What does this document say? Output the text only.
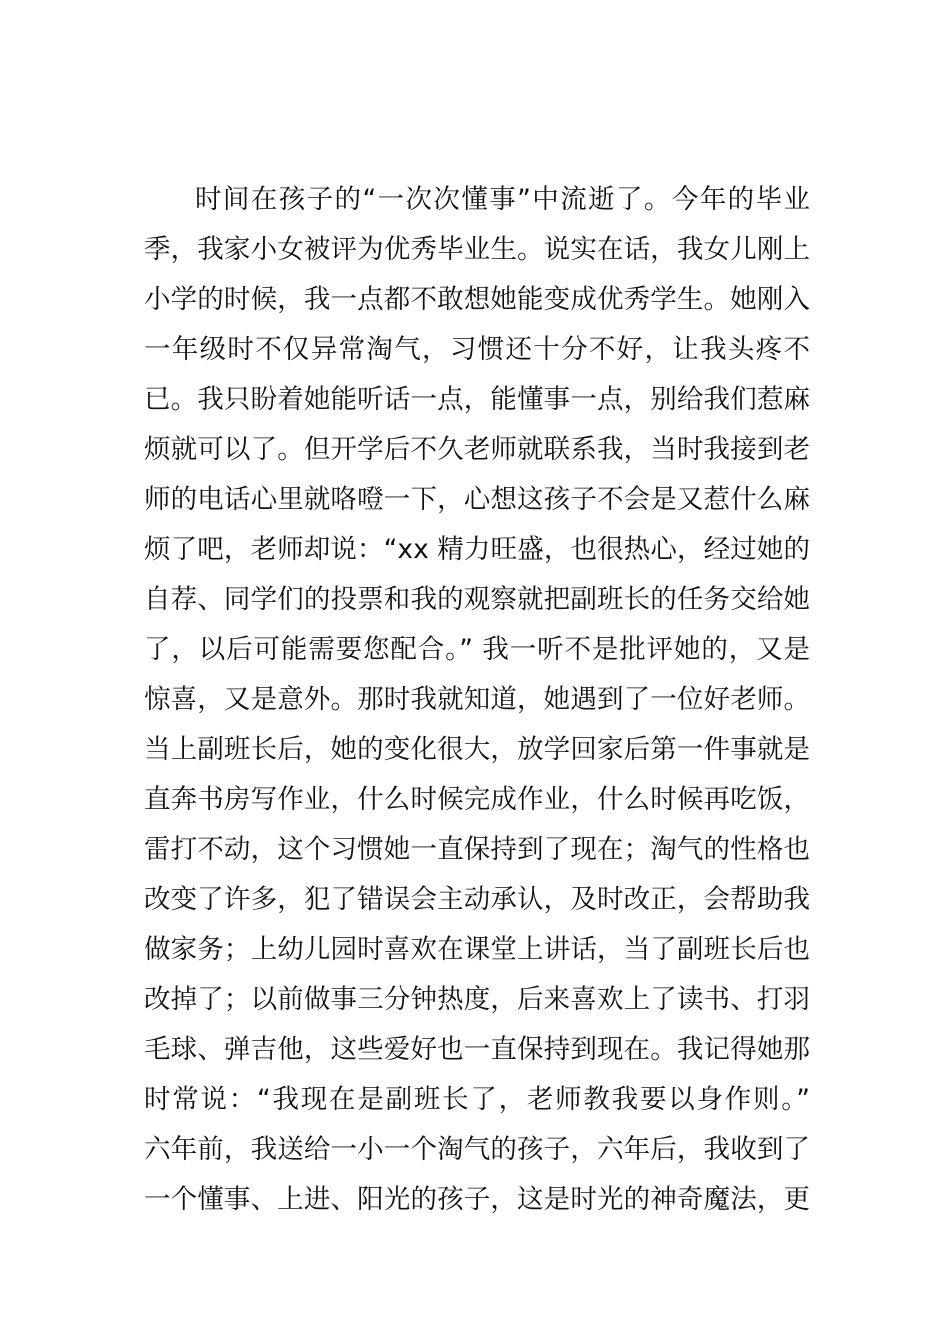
时间在孩子的“一次次懂事”中流逝了。今年的毕业
季，我家小女被评为优秀毕业生。说实在话，我女儿刚上
小学的时候，我一点都不敢想她能变成优秀学生。她刚入
一年级时不仅异常淘气，习惯还十分不好，让我头疼不
已。我只盼着她能听话一点，能懂事一点，别给我们惹麻
烦就可以了。但开学后不久老师就联系我，当时我接到老
师的电话心里就咯噔一下，心想这孩子不会是又惹什么麻
烦了吧，老师却说：“xx 精力旺盛，也很热心，经过她的
自荐、同学们的投票和我的观察就把副班长的任务交给她
了，以后可能需要您配合。” 我一听不是批评她的，又是
惊喜，又是意外。那时我就知道，她遇到了一位好老师。
当上副班长后，她的变化很大，放学回家后第一件事就是
直奔书房写作业，什么时候完成作业，什么时候再吃饭，
雷打不动，这个习惯她一直保持到了现在；淘气的性格也
改变了许多，犯了错误会主动承认，及时改正，会帮助我
做家务；上幼儿园时喜欢在课堂上讲话，当了副班长后也
改掉了；以前做事三分钟热度，后来喜欢上了读书、打羽
毛球、弹吉他，这些爱好也一直保持到现在。我记得她那
时常说：“我现在是副班长了，老师教我要以身作则。”
六年前，我送给一小一个淘气的孩子，六年后，我收到了
一个懂事、上进、阳光的孩子，这是时光的神奇魔法，更
